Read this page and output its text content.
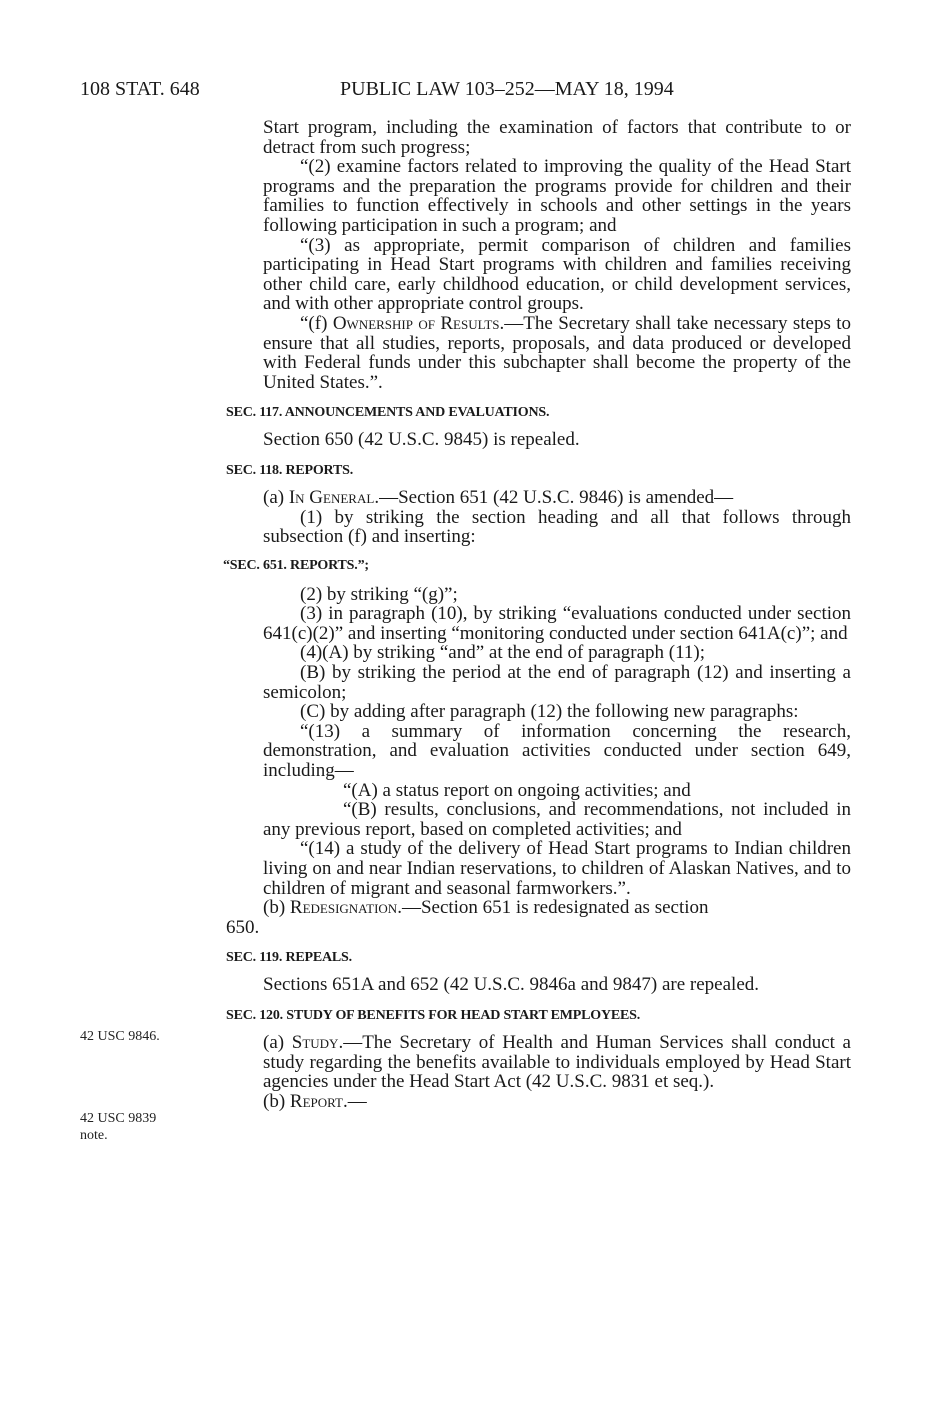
108 STAT. 648	PUBLIC LAW 103–252—MAY 18, 1994
42 USC 9846.
42 USC 9839
note.

Start program, including the examination of factors that contribute to or detract from such progress;

“(2) examine factors related to improving the quality of the Head Start programs and the preparation the programs provide for children and their families to function effectively in schools and other settings in the years following participation in such a program; and

“(3) as appropriate, permit comparison of children and families participating in Head Start programs with children and families receiving other child care, early childhood education, or child development services, and with other appropriate control groups.

“(f) Ownership of Results.—The Secretary shall take necessary steps to ensure that all studies, reports, proposals, and data produced or developed with Federal funds under this subchapter shall become the property of the United States.”.

SEC. 117. ANNOUNCEMENTS AND EVALUATIONS.

Section 650 (42 U.S.C. 9845) is repealed.

SEC. 118. REPORTS.

(a) In General.—Section 651 (42 U.S.C. 9846) is amended—

(1) by striking the section heading and all that follows through subsection (f) and inserting:

“SEC. 651. REPORTS.”;

(2) by striking “(g)”;

(3) in paragraph (10), by striking “evaluations conducted under section 641(c)(2)” and inserting “monitoring conducted under section 641A(c)”; and

(4)(A) by striking “and” at the end of paragraph (11);

(B) by striking the period at the end of paragraph (12) and inserting a semicolon;

(C) by adding after paragraph (12) the following new paragraphs:

“(13) a summary of information concerning the research, demonstration, and evaluation activities conducted under section 649, including—

“(A) a status report on ongoing activities; and

“(B) results, conclusions, and recommendations, not included in any previous report, based on completed activities; and

“(14) a study of the delivery of Head Start programs to Indian children living on and near Indian reservations, to children of Alaskan Natives, and to children of migrant and seasonal farmworkers.”.

(b) Redesignation.—Section 651 is redesignated as section

650.

SEC. 119. REPEALS.

Sections 651A and 652 (42 U.S.C. 9846a and 9847) are repealed.

SEC. 120. STUDY OF BENEFITS FOR HEAD START EMPLOYEES.

(a) Study.—The Secretary of Health and Human Services shall conduct a study regarding the benefits available to individuals employed by Head Start agencies under the Head Start Act (42 U.S.C. 9831 et seq.).

(b) Report.—
